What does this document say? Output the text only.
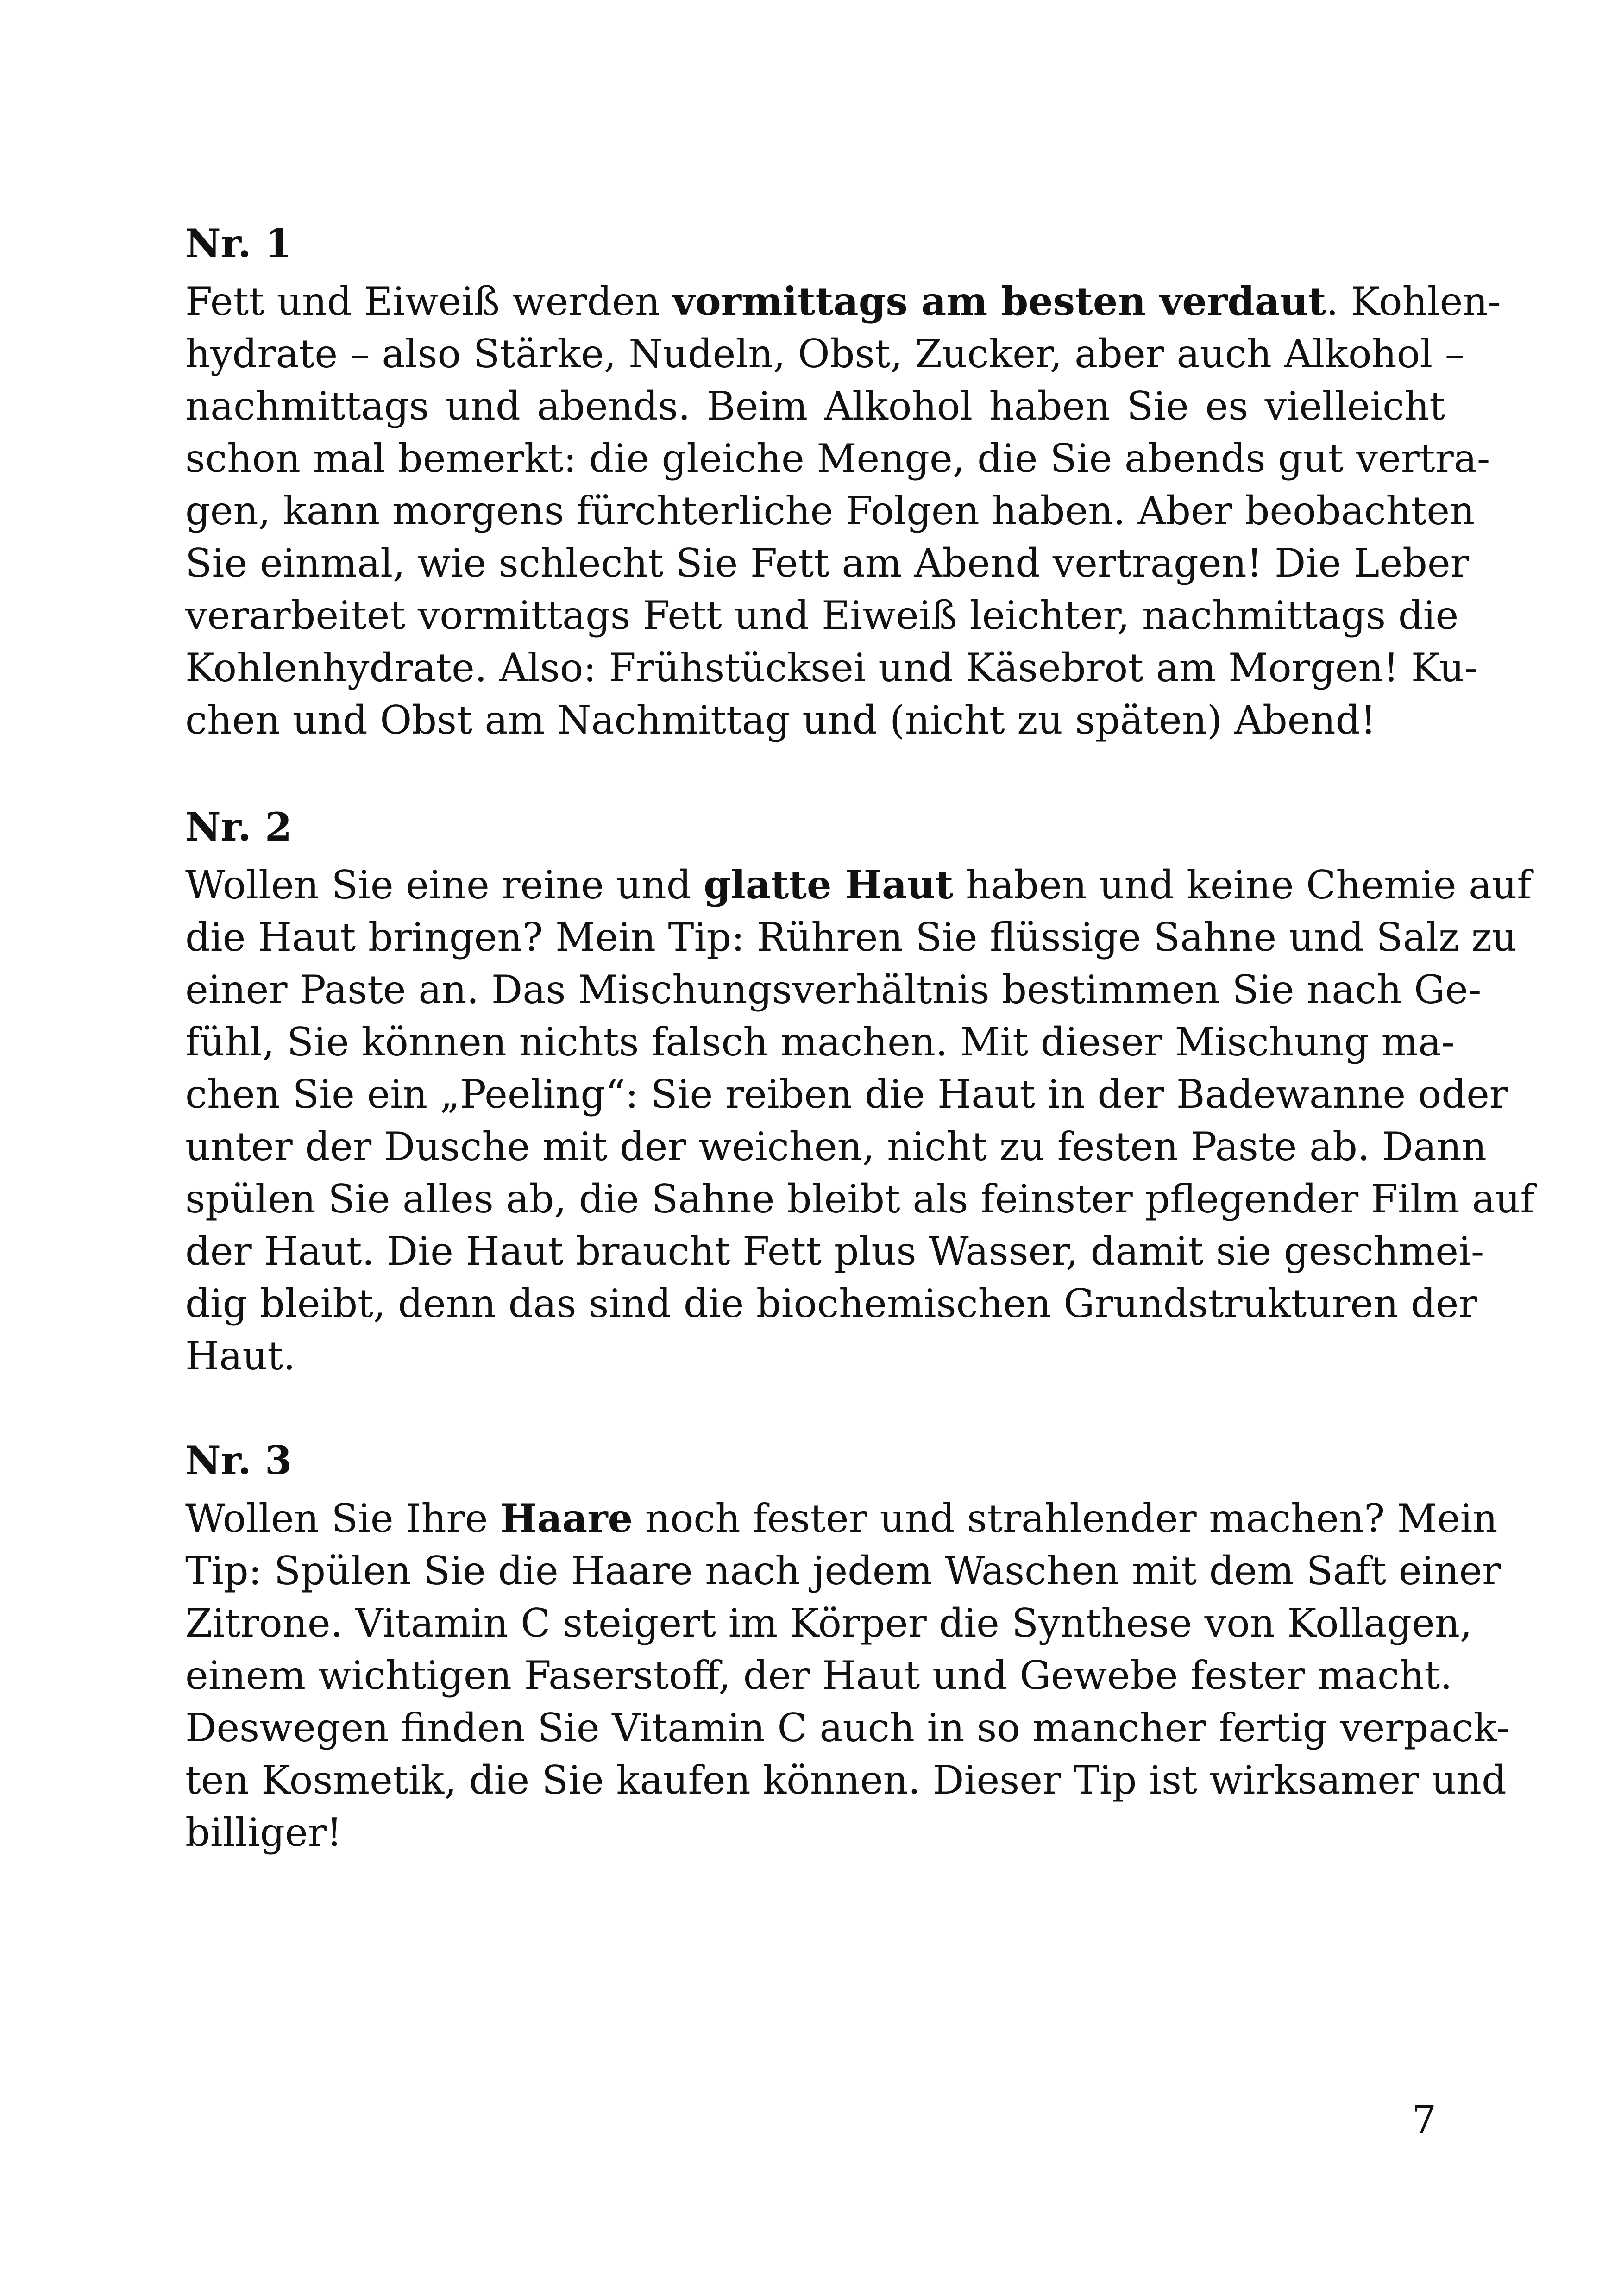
Nr. 1
Fett und Eiweiß werden vormittags am besten verdaut. Kohlen-
hydrate – also Stärke, Nudeln, Obst, Zucker, aber auch Alkohol –
nachmittags und abends. Beim Alkohol haben Sie es vielleicht
schon mal bemerkt: die gleiche Menge, die Sie abends gut vertra-
gen, kann morgens fürchterliche Folgen haben. Aber beobachten
Sie einmal, wie schlecht Sie Fett am Abend vertragen! Die Leber
verarbeitet vormittags Fett und Eiweiß leichter, nachmittags die
Kohlenhydrate. Also: Frühstücksei und Käsebrot am Morgen! Ku-
chen und Obst am Nachmittag und (nicht zu späten) Abend!
Nr. 2
Wollen Sie eine reine und glatte Haut haben und keine Chemie auf
die Haut bringen? Mein Tip: Rühren Sie flüssige Sahne und Salz zu
einer Paste an. Das Mischungsverhältnis bestimmen Sie nach Ge-
fühl, Sie können nichts falsch machen. Mit dieser Mischung ma-
chen Sie ein „Peeling“: Sie reiben die Haut in der Badewanne oder
unter der Dusche mit der weichen, nicht zu festen Paste ab. Dann
spülen Sie alles ab, die Sahne bleibt als feinster pflegender Film auf
der Haut. Die Haut braucht Fett plus Wasser, damit sie geschmei-
dig bleibt, denn das sind die biochemischen Grundstrukturen der
Haut.
Nr. 3
Wollen Sie Ihre Haare noch fester und strahlender machen? Mein
Tip: Spülen Sie die Haare nach jedem Waschen mit dem Saft einer
Zitrone. Vitamin C steigert im Körper die Synthese von Kollagen,
einem wichtigen Faserstoff, der Haut und Gewebe fester macht.
Deswegen finden Sie Vitamin C auch in so mancher fertig verpack-
ten Kosmetik, die Sie kaufen können. Dieser Tip ist wirksamer und
billiger!
7
